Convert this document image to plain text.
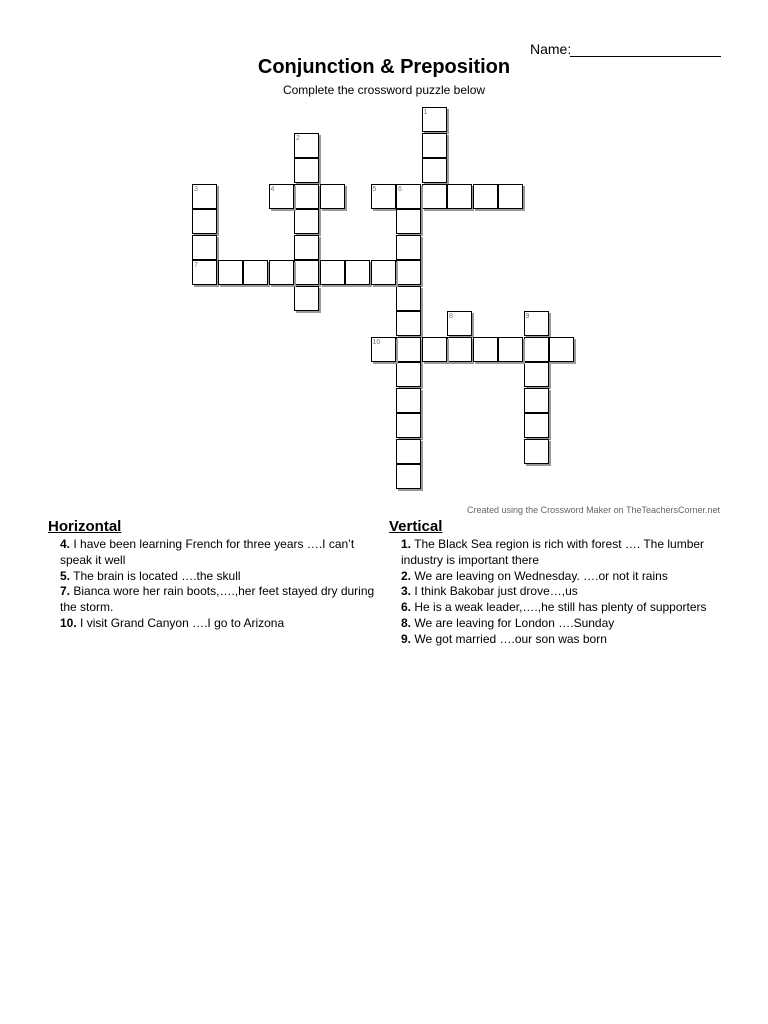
Name:
Conjunction & Preposition
Complete the crossword puzzle below
1
2
3	4	5	6
7
8	9
10
Created using the Crossword Maker on TheTeachersCorner.net
Horizontal
4. I have been learning French for three years ….I can’t speak it well
5. The brain is located ….the skull
7. Bianca wore her rain boots,….,her feet stayed dry during the storm.
10. I visit Grand Canyon ….I go to Arizona
Vertical
1. The Black Sea region is rich with forest …. The lumber industry is important there
2. We are leaving on Wednesday. ….or not it rains
3. I think Bakobar just drove…,us
6. He is a weak leader,….,he still has plenty of supporters
8. We are leaving for London ….Sunday
9. We got married ….our son was born
